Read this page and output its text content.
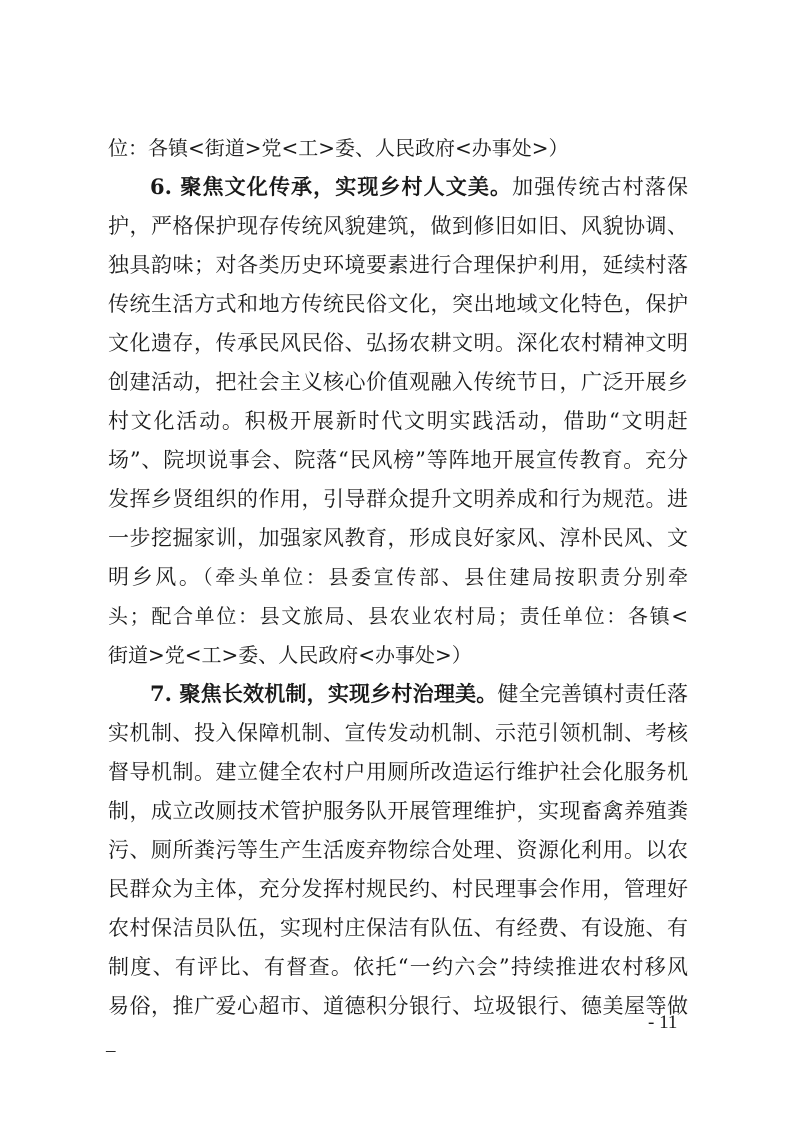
位：各镇<街道>党<工>委、人民政府<办事处>）
6. 聚焦文化传承，实现乡村人文美。加强传统古村落保
护，严格保护现存传统风貌建筑，做到修旧如旧、风貌协调、
独具韵味；对各类历史环境要素进行合理保护利用，延续村落
传统生活方式和地方传统民俗文化，突出地域文化特色，保护
文化遗存，传承民风民俗、弘扬农耕文明。深化农村精神文明
创建活动，把社会主义核心价值观融入传统节日，广泛开展乡
村文化活动。积极开展新时代文明实践活动，借助“文明赶
场”、院坝说事会、院落“民风榜”等阵地开展宣传教育。充分
发挥乡贤组织的作用，引导群众提升文明养成和行为规范。进
一步挖掘家训，加强家风教育，形成良好家风、淳朴民风、文
明乡风。（牵头单位：县委宣传部、县住建局按职责分别牵
头；配合单位：县文旅局、县农业农村局；责任单位：各镇<
街道>党<工>委、人民政府<办事处>）
7. 聚焦长效机制，实现乡村治理美。健全完善镇村责任落
实机制、投入保障机制、宣传发动机制、示范引领机制、考核
督导机制。建立健全农村户用厕所改造运行维护社会化服务机
制，成立改厕技术管护服务队开展管理维护，实现畜禽养殖粪
污、厕所粪污等生产生活废弃物综合处理、资源化利用。以农
民群众为主体，充分发挥村规民约、村民理事会作用，管理好
农村保洁员队伍，实现村庄保洁有队伍、有经费、有设施、有
制度、有评比、有督查。依托“一约六会”持续推进农村移风
易俗，推广爱心超市、道德积分银行、垃圾银行、德美屋等做
- 11
–
